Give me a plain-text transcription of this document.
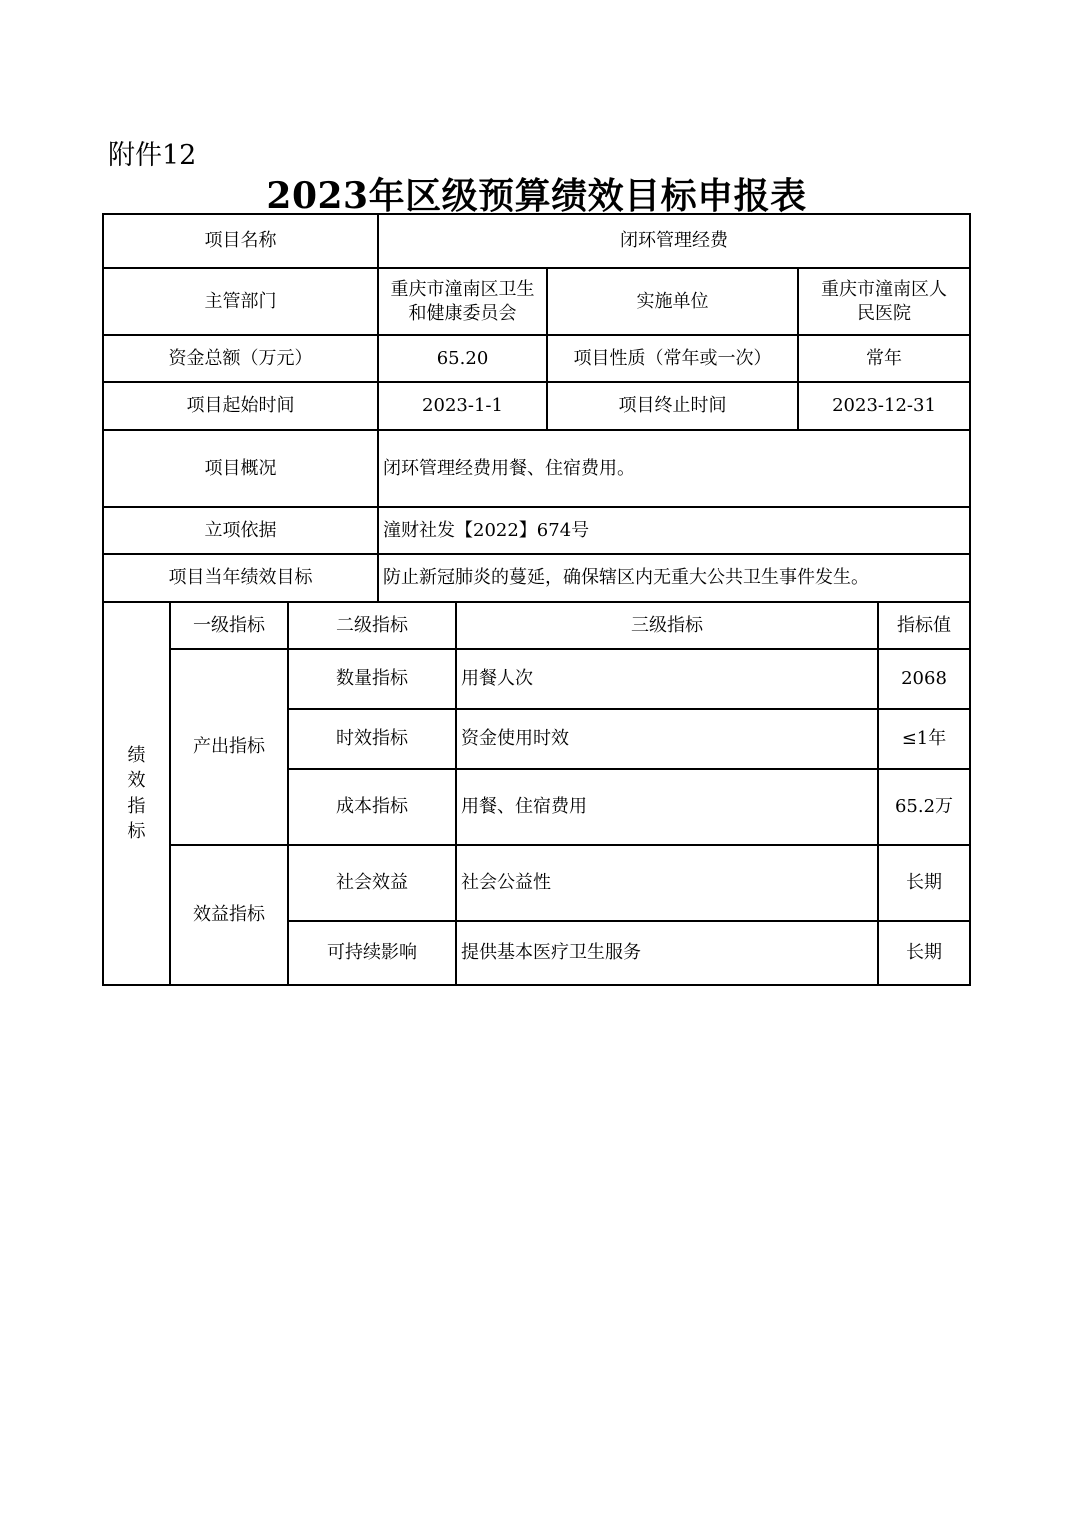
附件12
2023年区级预算绩效目标申报表
项目名称			闭环管理经费				
主管部门			重庆市潼南区卫生和健康委员会		实施单位	重庆市潼南区人民医院	

资金总额（万元）			65.20		项目性质（常年或一次）	常年	
项目起始时间			2023-1-1		项目终止时间	2023-12-31	
项目概况			闭环管理经费用餐、住宿费用。				
立项依据			潼财社发【2022】674号				
项目当年绩效目标			防止新冠肺炎的蔓延，确保辖区内无重大公共卫生事件发生。				

绩
效
指
标	一级指标	二级指标		三级指标			指标值
	产出指标	数量指标		用餐人次			2068
		时效指标		资金使用时效			≤1年
		成本指标		用餐、住宿费用			65.2万
	效益指标	社会效益		社会公益性			长期
		可持续影响		提供基本医疗卫生服务			长期
